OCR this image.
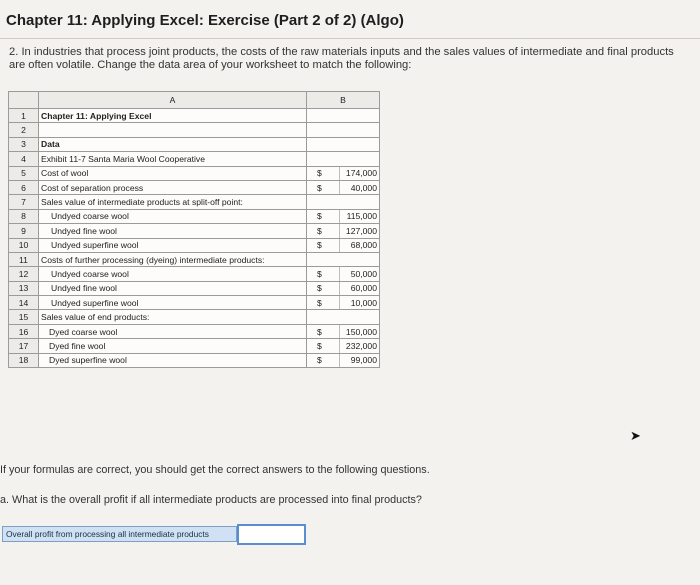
Chapter 11: Applying Excel: Exercise (Part 2 of 2) (Algo)
2. In industries that process joint products, the costs of the raw materials inputs and the sales values of intermediate and final products are often volatile. Change the data area of your worksheet to match the following:
	A	B
1	Chapter 11: Applying Excel	

2		

3	Data	

4	Exhibit 11-7 Santa Maria Wool Cooperative	

5	Cost of wool	$ 174,000

6	Cost of separation process	$ 40,000

7	Sales value of intermediate products at split-off point:	

8	Undyed coarse wool	$ 115,000

9	Undyed fine wool	$ 127,000

10	Undyed superfine wool	$ 68,000

11	Costs of further processing (dyeing) intermediate products:	

12	Undyed coarse wool	$ 50,000

13	Undyed fine wool	$ 60,000

14	Undyed superfine wool	$ 10,000

15	Sales value of end products:	

16	Dyed coarse wool	$ 150,000

17	Dyed fine wool	$ 232,000

18	Dyed superfine wool	$ 99,000
➤
If your formulas are correct, you should get the correct answers to the following questions.
a. What is the overall profit if all intermediate products are processed into final products?
Overall profit from processing all intermediate products
